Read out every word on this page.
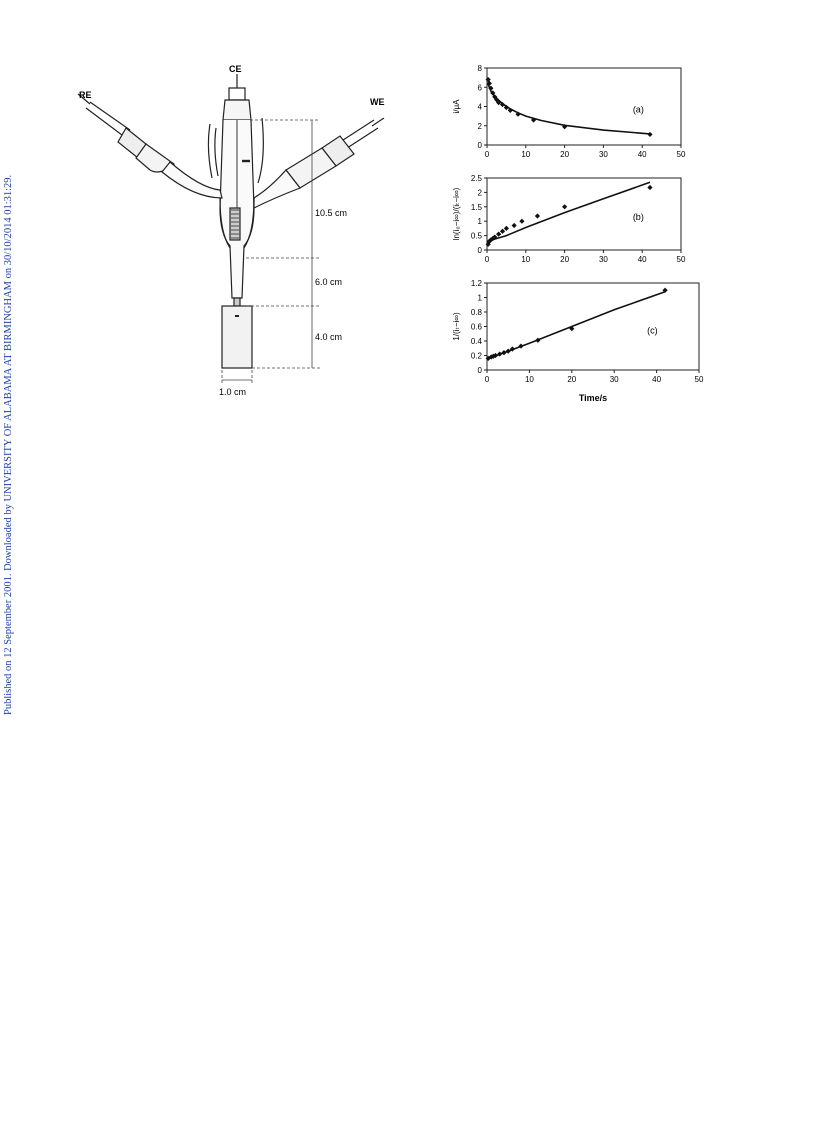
Published on 12 September 2001. Downloaded by UNIVERSITY OF ALABAMA AT BIRMINGHAM on 30/10/2014 01:31:29.
RE
CE
WE
10.5 cm
6.0 cm
4.0 cm
1.0 cm
0	10	20	30	40	50
0
2
4
6
8
i/μA	(a)
0	10	20	30	40	50
0
0.5
1
1.5
2
2.5
ln(i₀−i∞)/(iₜ−i∞)	(b)
0	10	20	30	40	50
0
0.2
0.4
0.6
0.8
1
1.2
1/(iₜ−i∞)	(c)
Time/s
